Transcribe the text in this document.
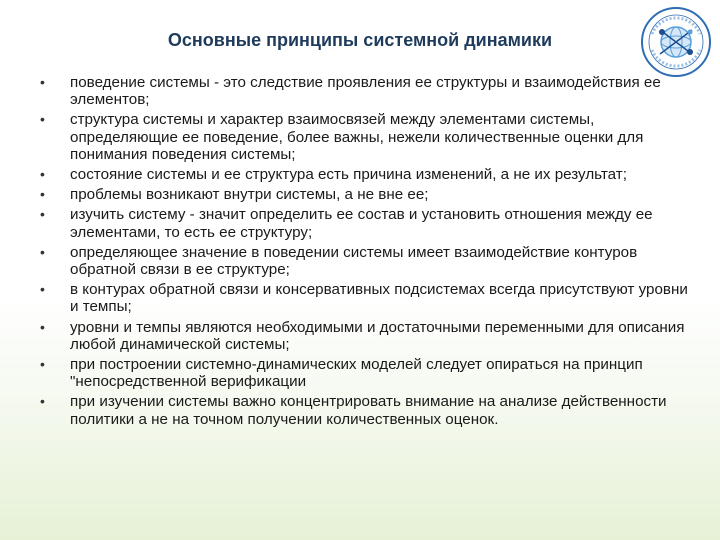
Основные принципы системной динамики
• поведение системы - это следствие проявления ее структуры и взаимодействия ее элементов;
• структура системы и характер взаимосвязей между элементами системы, определяющие ее поведение, более важны, нежели количественные оценки для понимания поведения системы;
• состояние системы и ее структура есть причина изменений, а не их результат;
• проблемы возникают внутри системы, а не вне ее;
• изучить систему - значит определить ее состав и установить отношения между ее элементами, то есть ее структуру;
• определяющее значение в поведении системы имеет взаимодействие контуров обратной связи в ее структуре;
• в контурах обратной связи и консервативных подсистемах всегда присутствуют уровни и темпы;
• уровни и темпы являются необходимыми и достаточными переменными для описания любой динамической системы;
• при построении системно-динамических моделей следует опираться на принцип "непосредственной верификации
• при изучении системы важно концентрировать внимание на анализе действенности политики а не на точном получении количественных оценок.
